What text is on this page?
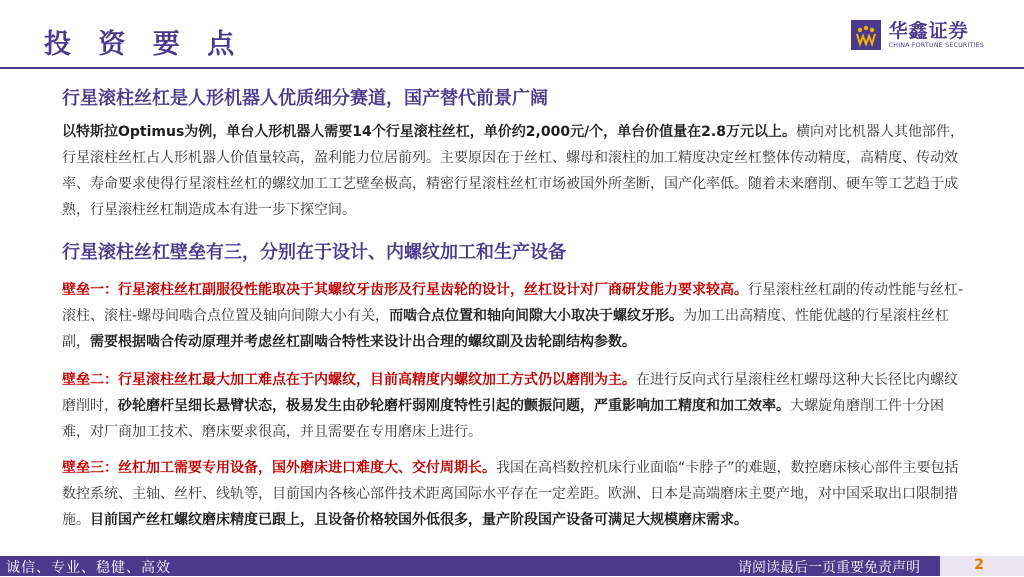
投 资 要 点	华鑫证券
CHINA FORTUNE SECURITIES
行星滚柱丝杠是人形机器人优质细分赛道，国产替代前景广阔

以特斯拉Optimus为例，单台人形机器人需要14个行星滚柱丝杠，单价约2,000元/个，单台价值量在2.8万元以上。横向对比机器人其他部件，行星滚柱丝杠占人形机器人价值量较高，盈利能力位居前列。主要原因在于丝杠、螺母和滚柱的加工精度决定丝杠整体传动精度，高精度、传动效率、寿命要求使得行星滚柱丝杠的螺纹加工工艺壁垒极高，精密行星滚柱丝杠市场被国外所垄断，国产化率低。随着未来磨削、硬车等工艺趋于成熟，行星滚柱丝杠制造成本有进一步下探空间。

行星滚柱丝杠壁垒有三，分别在于设计、内螺纹加工和生产设备

壁垒一：行星滚柱丝杠副服役性能取决于其螺纹牙齿形及行星齿轮的设计，丝杠设计对厂商研发能力要求较高。行星滚柱丝杠副的传动性能与丝杠-滚柱、滚柱-螺母间啮合点位置及轴向间隙大小有关，而啮合点位置和轴向间隙大小取决于螺纹牙形。为加工出高精度、性能优越的行星滚柱丝杠副，需要根据啮合传动原理并考虑丝杠副啮合特性来设计出合理的螺纹副及齿轮副结构参数。

壁垒二：行星滚柱丝杠最大加工难点在于内螺纹，目前高精度内螺纹加工方式仍以磨削为主。在进行反向式行星滚柱丝杠螺母这种大长径比内螺纹磨削时，砂轮磨杆呈细长悬臂状态，极易发生由砂轮磨杆弱刚度特性引起的颤振问题，严重影响加工精度和加工效率。大螺旋角磨削工件十分困难，对厂商加工技术、磨床要求很高，并且需要在专用磨床上进行。

壁垒三：丝杠加工需要专用设备，国外磨床进口难度大、交付周期长。我国在高档数控机床行业面临“卡脖子”的难题，数控磨床核心部件主要包括数控系统、主轴、丝杆、线轨等，目前国内各核心部件技术距离国际水平存在一定差距。欧洲、日本是高端磨床主要产地，对中国采取出口限制措施。目前国产丝杠螺纹磨床精度已跟上，且设备价格较国外低很多，量产阶段国产设备可满足大规模磨床需求。

诚信、专业、稳健、高效	请阅读最后一页重要免责声明	2
